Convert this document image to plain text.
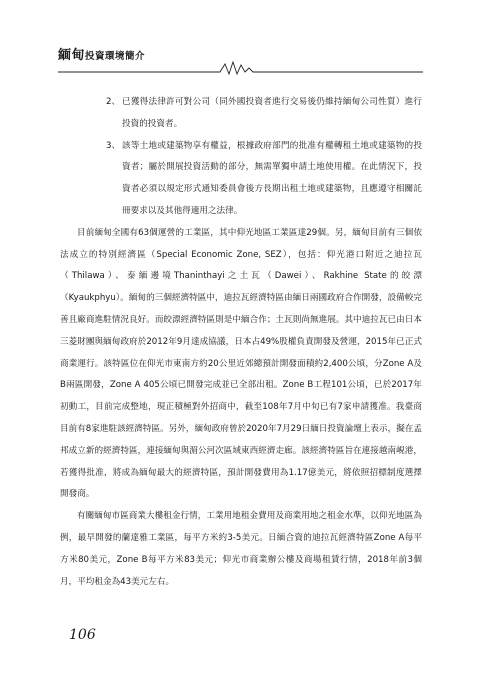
緬甸投資環境簡介
2、 已獲得法律許可對公司（同外國投資者進行交易後仍維持緬甸公司性質）進行投資的投資者。
3、 該等土地或建築物享有權益，根據政府部門的批准有權轉租土地或建築物的投資者；屬於開展投資活動的部分，無需單獨申請土地使用權。在此情況下，投資者必須以規定形式通知委員會後方長期出租土地或建築物，且應遵守相關託冊要求以及其他得適用之法律。
目前緬甸全國有63個運營的工業區，其中仰光地區工業區達29個。另，緬甸目前有三個依法成立的特別經濟區（Special Economic Zone, SEZ），包括：仰光港口附近之迪拉瓦（Thilawa）、泰緬邊境Thaninthayi之土瓦（Dawei）、Rakhine State的皎漂（Kyaukphyu）。緬甸的三個經濟特區中，迪拉瓦經濟特區由緬日兩國政府合作開發，設備較完善且廠商進駐情況良好。而皎漂經濟特區則是中緬合作；土瓦則尚無進展。其中迪拉瓦已由日本三菱財團與緬甸政府於2012年9月達成協議，日本占49%股權負責開發及營運，2015年已正式商業運行。該特區位在仰光市東南方約20公里近郊總預計開發面積約2,400公頃，分Zone A及B兩區開發，Zone A 405公頃已開發完成並已全部出租。Zone B工程101公頃，已於2017年初動工，目前完成整地，現正積極對外招商中，截至108年7月中旬已有7家申請獲准。我臺商目前有8家進駐該經濟特區。另外，緬甸政府曾於2020年7月29日緬日投資論壇上表示，擬在孟邦成立新的經濟特區，連接緬甸與湄公河次區域東西經濟走廊。該經濟特區旨在連接越南峴港，若獲得批准，將成為緬甸最大的經濟特區，預計開發費用為1.17億美元，將依照招標制度選擇開發商。
有關緬甸市區商業大樓租金行情，工業用地租金費用及商業用地之租金水準，以仰光地區為例，最早開發的蘭達雅工業區，每平方米約3-5美元。日緬合資的迪拉瓦經濟特區Zone A每平方米80美元，Zone B每平方米83美元；仰光市商業辦公樓及商場租賃行情，2018年前3個月，平均租金為43美元左右。
106
